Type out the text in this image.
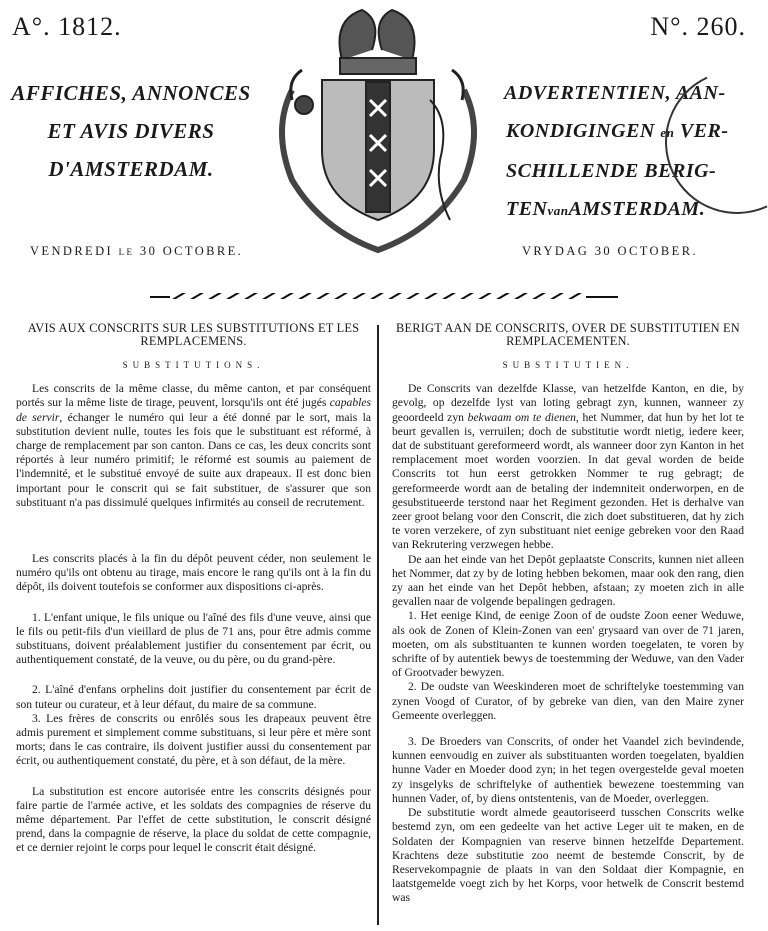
A°. 1812.	N°. 260.
AFFICHES, ANNONCES
ET AVIS DIVERS
D'AMSTERDAM.
ADVERTENTIEN, AAN-
KONDIGINGEN en VER-
SCHILLENDE BERIG-
TENvanAMSTERDAM.
VENDREDI le 30 OCTOBRE.	VRYDAG 30 OCTOBER.
AVIS AUX CONSCRITS SUR LES SUBSTITUTIONS ET LES REMPLACEMENS.
SUBSTITUTIONS.

Les conscrits de la même classe, du même canton, et par conséquent portés sur la même liste de tirage, peuvent, lorsqu'ils ont été jugés capables de servir, échanger le numéro qui leur a été donné par le sort, mais la substitution devient nulle, toutes les fois que le substituant est réformé, à charge de remplacement par son canton. Dans ce cas, les deux concrits sont réportés à leur numéro primitif; le réformé est soumis au paiement de l'indemnité, et le substitué envoyé de suite aux drapeaux. Il est donc bien important pour le conscrit qui se fait substituer, de s'assurer que son substituant n'a pas dissimulé quelques infirmités au conseil de recrutement.

Les conscrits placés à la fin du dépôt peuvent céder, non seulement le numéro qu'ils ont obtenu au tirage, mais encore le rang qu'ils ont à la fin du dépôt, ils doivent toutefois se conformer aux dispositions ci-après.

1. L'enfant unique, le fils unique ou l'aîné des fils d'une veuve, ainsi que le fils ou petit-fils d'un vieillard de plus de 71 ans, pour être admis comme substituans, doivent préalablement justifier du consentement par écrit, ou authentiquement constaté, de la veuve, ou du père, ou du grand-père.

2. L'aîné d'enfans orphelins doit justifier du consentement par écrit de son tuteur ou curateur, et à leur défaut, du maire de sa commune.

3. Les frères de conscrits ou enrôlés sous les drapeaux peuvent être admis purement et simplement comme substituans, si leur père et mère sont morts; dans le cas contraire, ils doivent justifier aussi du consentement par écrit, ou authentiquement constaté, du père, et à son défaut, de la mère.

La substitution est encore autorisée entre les conscrits désignés pour faire partie de l'armée active, et les soldats des compagnies de réserve du même département. Par l'effet de cette substitution, le conscrit désigné prend, dans la compagnie de réserve, la place du soldat de cette compagnie, et ce dernier rejoint le corps pour lequel le conscrit était désigné.

BERIGT AAN DE CONSCRITS, OVER DE SUBSTITUTIEN EN REMPLACEMENTEN.
SUBSTITUTIEN.

De Conscrits van dezelfde Klasse, van hetzelfde Kanton, en die, by gevolg, op dezelfde lyst van loting gebragt zyn, kunnen, wanneer zy geoordeeld zyn bekwaam om te dienen, het Nummer, dat hun by het lot te beurt gevallen is, verruilen; doch de substitutie wordt nietig, iedere keer, dat de substituant gereformeerd wordt, als wanneer door zyn Kanton in het remplacement moet worden voorzien. In dat geval worden de beide Conscrits tot hun eerst getrokken Nommer te rug gebragt; de gereformeerde wordt aan de betaling der indemniteit onderworpen, en de gesubstitueerde terstond naar het Regiment gezonden. Het is derhalve van zeer groot belang voor den Conscrit, die zich doet substitueren, dat hy zich te voren verzekere, of zyn substituant niet eenige gebreken voor den Raad van Rekrutering verzwegen hebbe.

De aan het einde van het Depôt geplaatste Conscrits, kunnen niet alleen het Nommer, dat zy by de loting hebben bekomen, maar ook den rang, dien zy aan het einde van het Depôt hebben, afstaan; zy moeten zich in alle gevallen naar de volgende bepalingen gedragen.

1. Het eenige Kind, de eenige Zoon of de oudste Zoon eener Weduwe, als ook de Zonen of Klein-Zonen van een' grysaard van over de 71 jaren, moeten, om als substituanten te kunnen worden toegelaten, te voren by schrifte of by autentiek bewys de toestemming der Weduwe, van den Vader of Grootvader bewyzen.

2. De oudste van Weeskinderen moet de schriftelyke toestemming van zynen Voogd of Curator, of by gebreke van dien, van den Maire zyner Gemeente overleggen.

3. De Broeders van Conscrits, of onder het Vaandel zich bevindende, kunnen eenvoudig en zuiver als substituanten worden toegelaten, byaldien hunne Vader en Moeder dood zyn; in het tegen overgestelde geval moeten zy insgelyks de schriftelyke of authentiek bewezene toestemming van hunnen Vader, of, by diens ontstentenis, van de Moeder, overleggen.

De substitutie wordt almede geautoriseerd tusschen Conscrits welke bestemd zyn, om een gedeelte van het active Leger uit te maken, en de Soldaten der Kompagnien van reserve binnen hetzelfde Departement. Krachtens deze substitutie zoo neemt de bestemde Conscrit, by de Reservekompagnie de plaats in van den Soldaat dier Kompagnie, en laatstgemelde voegt zich by het Korps, voor hetwelk de Conscrit bestemd was
